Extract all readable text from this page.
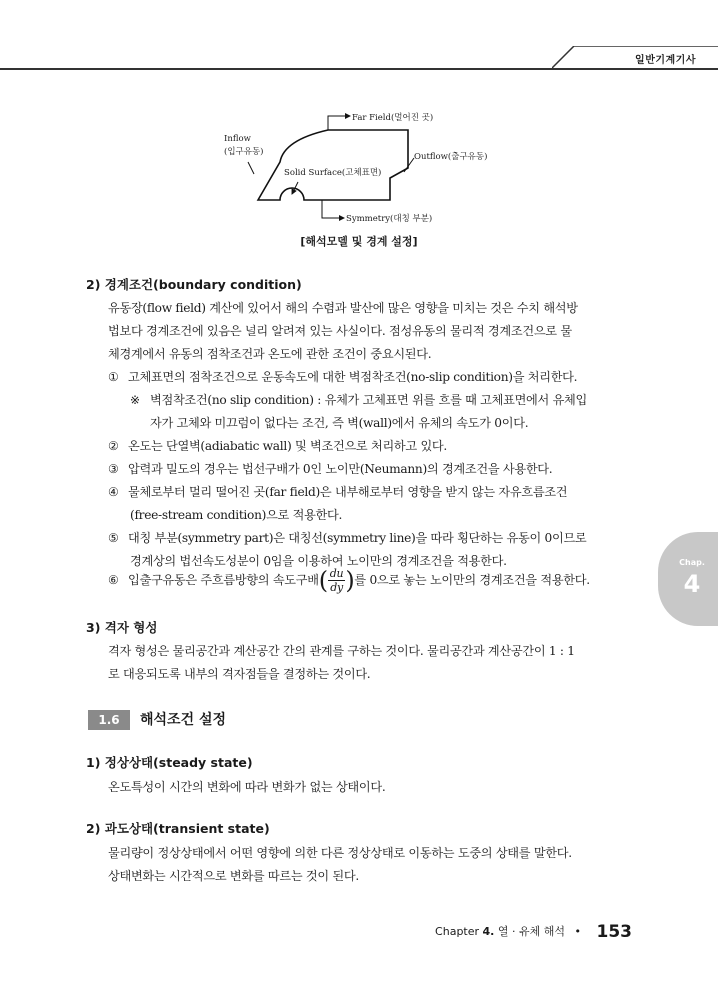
일반기계기사
Far Field(멀어진 곳)
Inflow
(입구유동)	Outflow(출구유동)
Solid Surface(고체표면)
Symmetry(대칭 부분)
[해석모델 및 경계 설정]
2) 경계조건(boundary condition)
유동장(flow field) 계산에 있어서 해의 수렴과 발산에 많은 영향을 미치는 것은 수치 해석방
법보다 경계조건에 있음은 널리 알려져 있는 사실이다. 점성유동의 물리적 경계조건으로 물
체경계에서 유동의 점착조건과 온도에 관한 조건이 중요시된다.
① 고체표면의 점착조건으로 운동속도에 대한 벽점착조건(no-slip condition)을 처리한다.
※ 벽점착조건(no slip condition) : 유체가 고체표면 위를 흐를 때 고체표면에서 유체입
자가 고체와 미끄럼이 없다는 조건, 즉 벽(wall)에서 유체의 속도가 0이다.
② 온도는 단열벽(adiabatic wall) 및 벽조건으로 처리하고 있다.
③ 압력과 밀도의 경우는 법선구배가 0인 노이만(Neumann)의 경계조건을 사용한다.
④ 물체로부터 멀리 떨어진 곳(far field)은 내부해로부터 영향을 받지 않는 자유흐름조건
(free-stream condition)으로 적용한다.
⑤ 대칭 부분(symmetry part)은 대칭선(symmetry line)을 따라 횡단하는 유동이 0이므로
경계상의 법선속도성분이 0임을 이용하여 노이만의 경계조건을 적용한다.
⑥ 입출구유동은 주흐름방향의 속도구배( $\frac{du}{dy}$ )를 0으로 놓는 노이만의 경계조건을 적용한다.
3) 격자 형성
격자 형성은 물리공간과 계산공간 간의 관계를 구하는 것이다. 물리공간과 계산공간이 1 : 1
로 대응되도록 내부의 격자점들을 결정하는 것이다.
1.6	해석조건 설정
1) 정상상태(steady state)
온도특성이 시간의 변화에 따라 변화가 없는 상태이다.
2) 과도상태(transient state)
물리량이 정상상태에서 어떤 영향에 의한 다른 정상상태로 이동하는 도중의 상태를 말한다.
상태변화는 시간적으로 변화를 따르는 것이 된다.
Chap.
4
Chapter 4. 열 · 유체 해석 • 153
